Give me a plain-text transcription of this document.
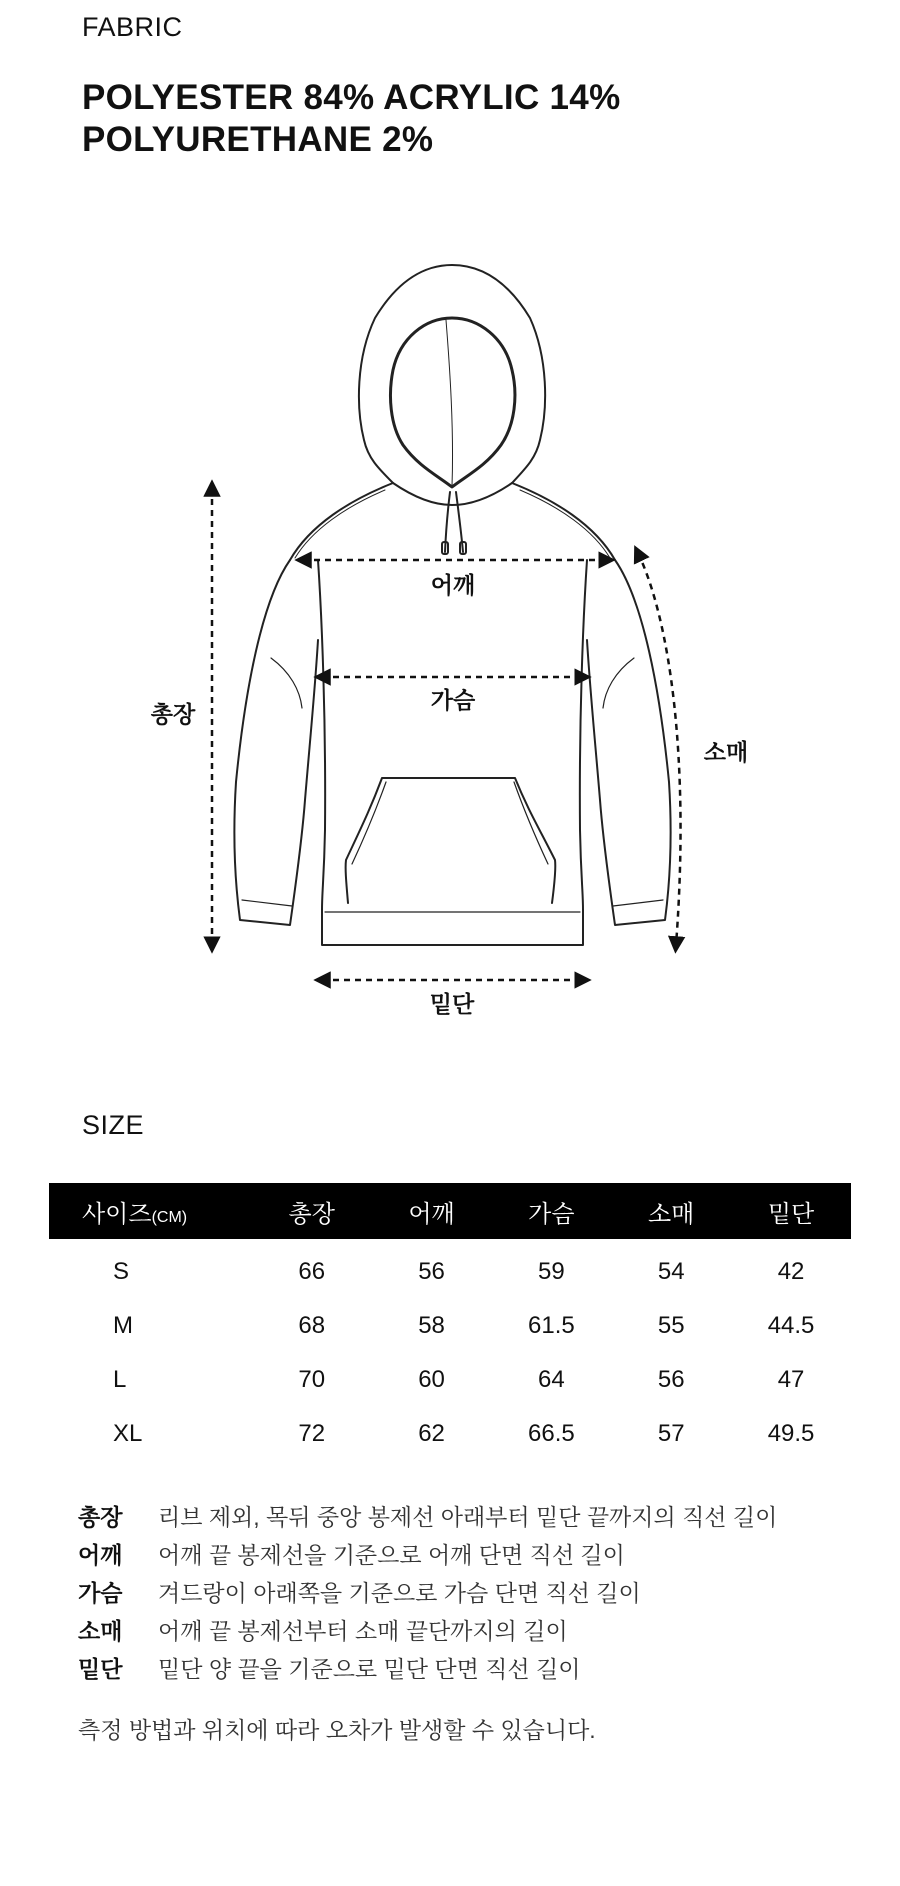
FABRIC
POLYESTER 84% ACRYLIC 14%
POLYURETHANE 2%
어깨
가슴
총장
소매
밑단
SIZE
사이즈(CM)	총장	어깨	가슴	소매	밑단
S	66	56	59	54	42
M	68	58	61.5	55	44.5
L	70	60	64	56	47
XL	72	62	66.5	57	49.5
총장	리브 제외, 목뒤 중앙 봉제선 아래부터 밑단 끝까지의 직선 길이
어깨	어깨 끝 봉제선을 기준으로 어깨 단면 직선 길이
가슴	겨드랑이 아래쪽을 기준으로 가슴 단면 직선 길이
소매	어깨 끝 봉제선부터 소매 끝단까지의 길이
밑단	밑단 양 끝을 기준으로 밑단 단면 직선 길이
측정 방법과 위치에 따라 오차가 발생할 수 있습니다.
